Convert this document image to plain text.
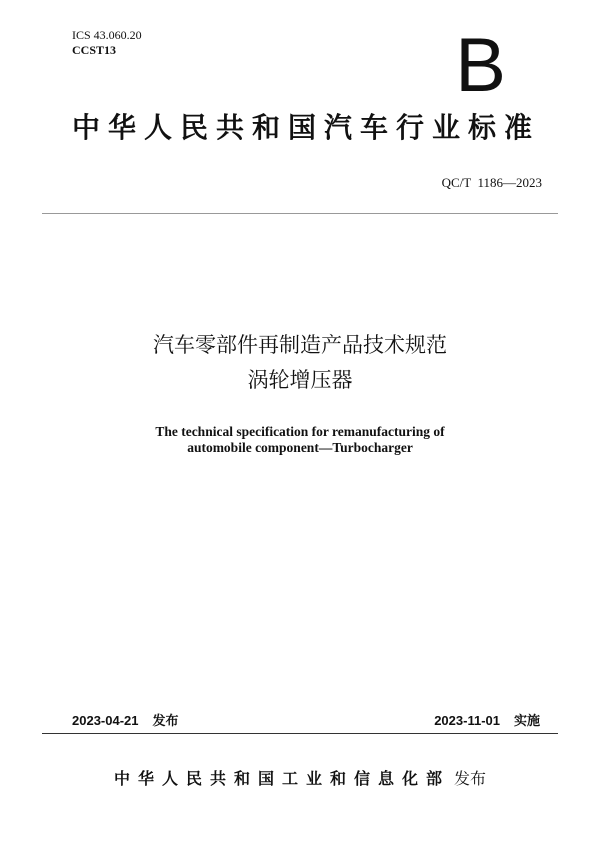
ICS 43.060.20
CCST13	B
中华人民共和国汽车行业标准
QC/T  1186—2023
汽车零部件再制造产品技术规范
涡轮增压器
The technical specification for remanufacturing of
automobile component—Turbocharger
2023-04-21 发布	2023-11-01 实施
中华人民共和国工业和信息化部 发布
